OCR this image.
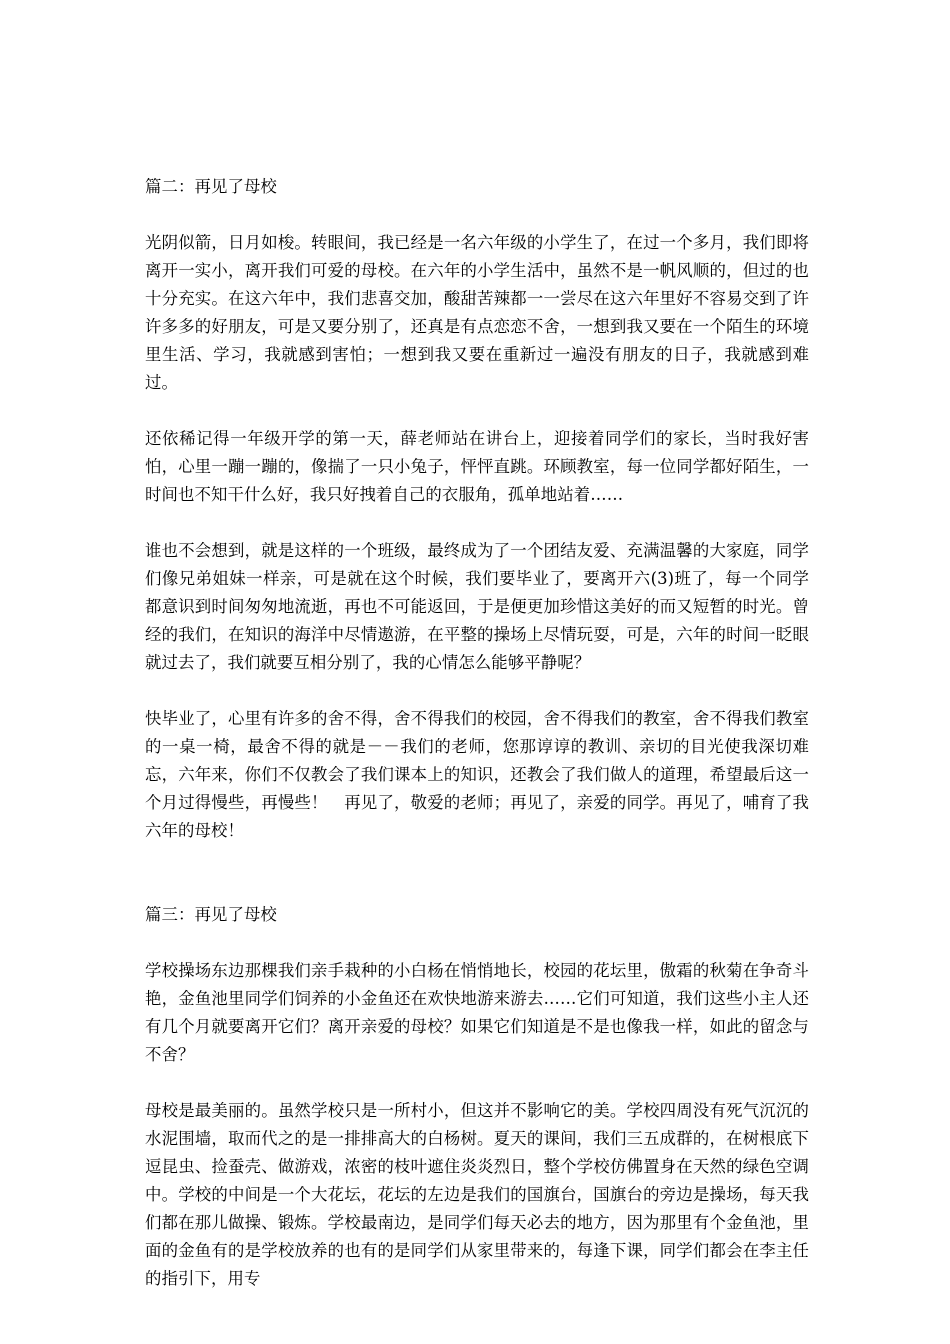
篇二：再见了母校

光阴似箭，日月如梭。转眼间，我已经是一名六年级的小学生了，在过一个多月，我们即将离开一实小，离开我们可爱的母校。在六年的小学生活中，虽然不是一帆风顺的，但过的也十分充实。在这六年中，我们悲喜交加，酸甜苦辣都一一尝尽在这六年里好不容易交到了许许多多的好朋友，可是又要分别了，还真是有点恋恋不舍，一想到我又要在一个陌生的环境里生活、学习，我就感到害怕；一想到我又要在重新过一遍没有朋友的日子，我就感到难过。

还依稀记得一年级开学的第一天，薛老师站在讲台上，迎接着同学们的家长，当时我好害怕，心里一蹦一蹦的，像揣了一只小兔子，怦怦直跳。环顾教室，每一位同学都好陌生，一时间也不知干什么好，我只好拽着自己的衣服角，孤单地站着……

谁也不会想到，就是这样的一个班级，最终成为了一个团结友爱、充满温馨的大家庭，同学们像兄弟姐妹一样亲，可是就在这个时候，我们要毕业了，要离开六(3)班了，每一个同学都意识到时间匆匆地流逝，再也不可能返回，于是便更加珍惜这美好的而又短暂的时光。曾经的我们，在知识的海洋中尽情遨游，在平整的操场上尽情玩耍，可是，六年的时间一眨眼就过去了，我们就要互相分别了，我的心情怎么能够平静呢？

快毕业了，心里有许多的舍不得，舍不得我们的校园，舍不得我们的教室，舍不得我们教室的一桌一椅，最舍不得的就是－－我们的老师，您那谆谆的教训、亲切的目光使我深切难忘，六年来，你们不仅教会了我们课本上的知识，还教会了我们做人的道理，希望最后这一个月过得慢些，再慢些！　再见了，敬爱的老师；再见了，亲爱的同学。再见了，哺育了我六年的母校！

篇三：再见了母校

学校操场东边那棵我们亲手栽种的小白杨在悄悄地长，校园的花坛里，傲霜的秋菊在争奇斗艳，金鱼池里同学们饲养的小金鱼还在欢快地游来游去……它们可知道，我们这些小主人还有几个月就要离开它们？离开亲爱的母校？如果它们知道是不是也像我一样，如此的留念与不舍？

母校是最美丽的。虽然学校只是一所村小，但这并不影响它的美。学校四周没有死气沉沉的水泥围墙，取而代之的是一排排高大的白杨树。夏天的课间，我们三五成群的，在树根底下逗昆虫、捡蚕壳、做游戏，浓密的枝叶遮住炎炎烈日，整个学校仿佛置身在天然的绿色空调中。学校的中间是一个大花坛，花坛的左边是我们的国旗台，国旗台的旁边是操场，每天我们都在那儿做操、锻炼。学校最南边，是同学们每天必去的地方，因为那里有个金鱼池，里面的金鱼有的是学校放养的也有的是同学们从家里带来的，每逢下课，同学们都会在李主任的指引下，用专
